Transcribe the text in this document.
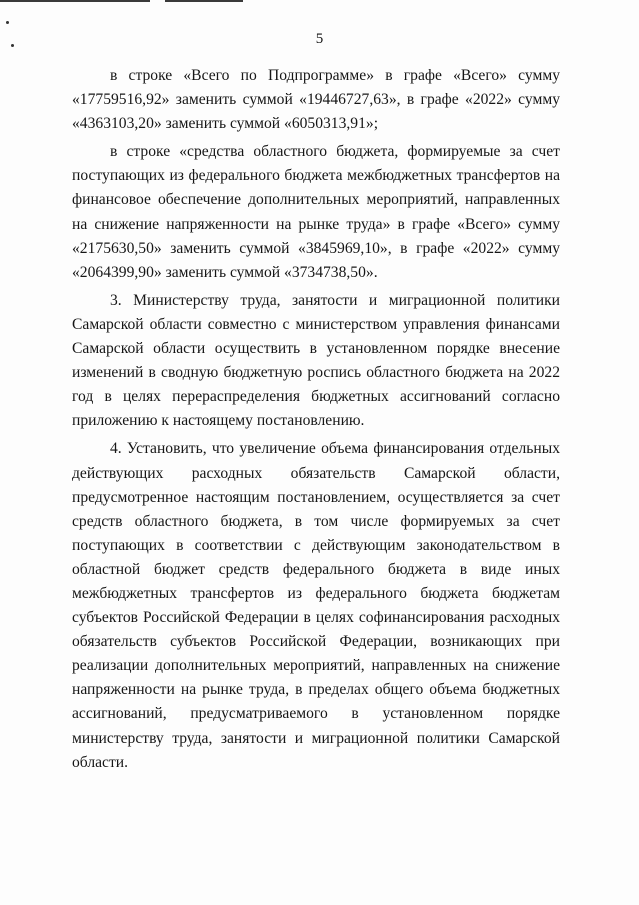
5

в строке «Всего по Подпрограмме» в графе «Всего» сумму «17759516,92» заменить суммой «19446727,63», в графе «2022» сумму «4363103,20» заменить суммой «6050313,91»;

в строке «средства областного бюджета, формируемые за счет поступающих из федерального бюджета межбюджетных трансфертов на финансовое обеспечение дополнительных мероприятий, направленных на снижение напряженности на рынке труда» в графе «Всего» сумму «2175630,50» заменить суммой «3845969,10», в графе «2022» сумму «2064399,90» заменить суммой «3734738,50».

3. Министерству труда, занятости и миграционной политики Самарской области совместно с министерством управления финансами Самарской области осуществить в установленном порядке внесение изменений в сводную бюджетную роспись областного бюджета на 2022 год в целях перераспределения бюджетных ассигнований согласно приложению к настоящему постановлению.

4. Установить, что увеличение объема финансирования отдельных действующих расходных обязательств Самарской области, предусмотренное настоящим постановлением, осуществляется за счет средств областного бюджета, в том числе формируемых за счет поступающих в соответствии с действующим законодательством в областной бюджет средств федерального бюджета в виде иных межбюджетных трансфертов из федерального бюджета бюджетам субъектов Российской Федерации в целях софинансирования расходных обязательств субъектов Российской Федерации, возникающих при реализации дополнительных мероприятий, направленных на снижение напряженности на рынке труда, в пределах общего объема бюджетных ассигнований, предусматриваемого в установленном порядке министерству труда, занятости и миграционной политики Самарской области.
